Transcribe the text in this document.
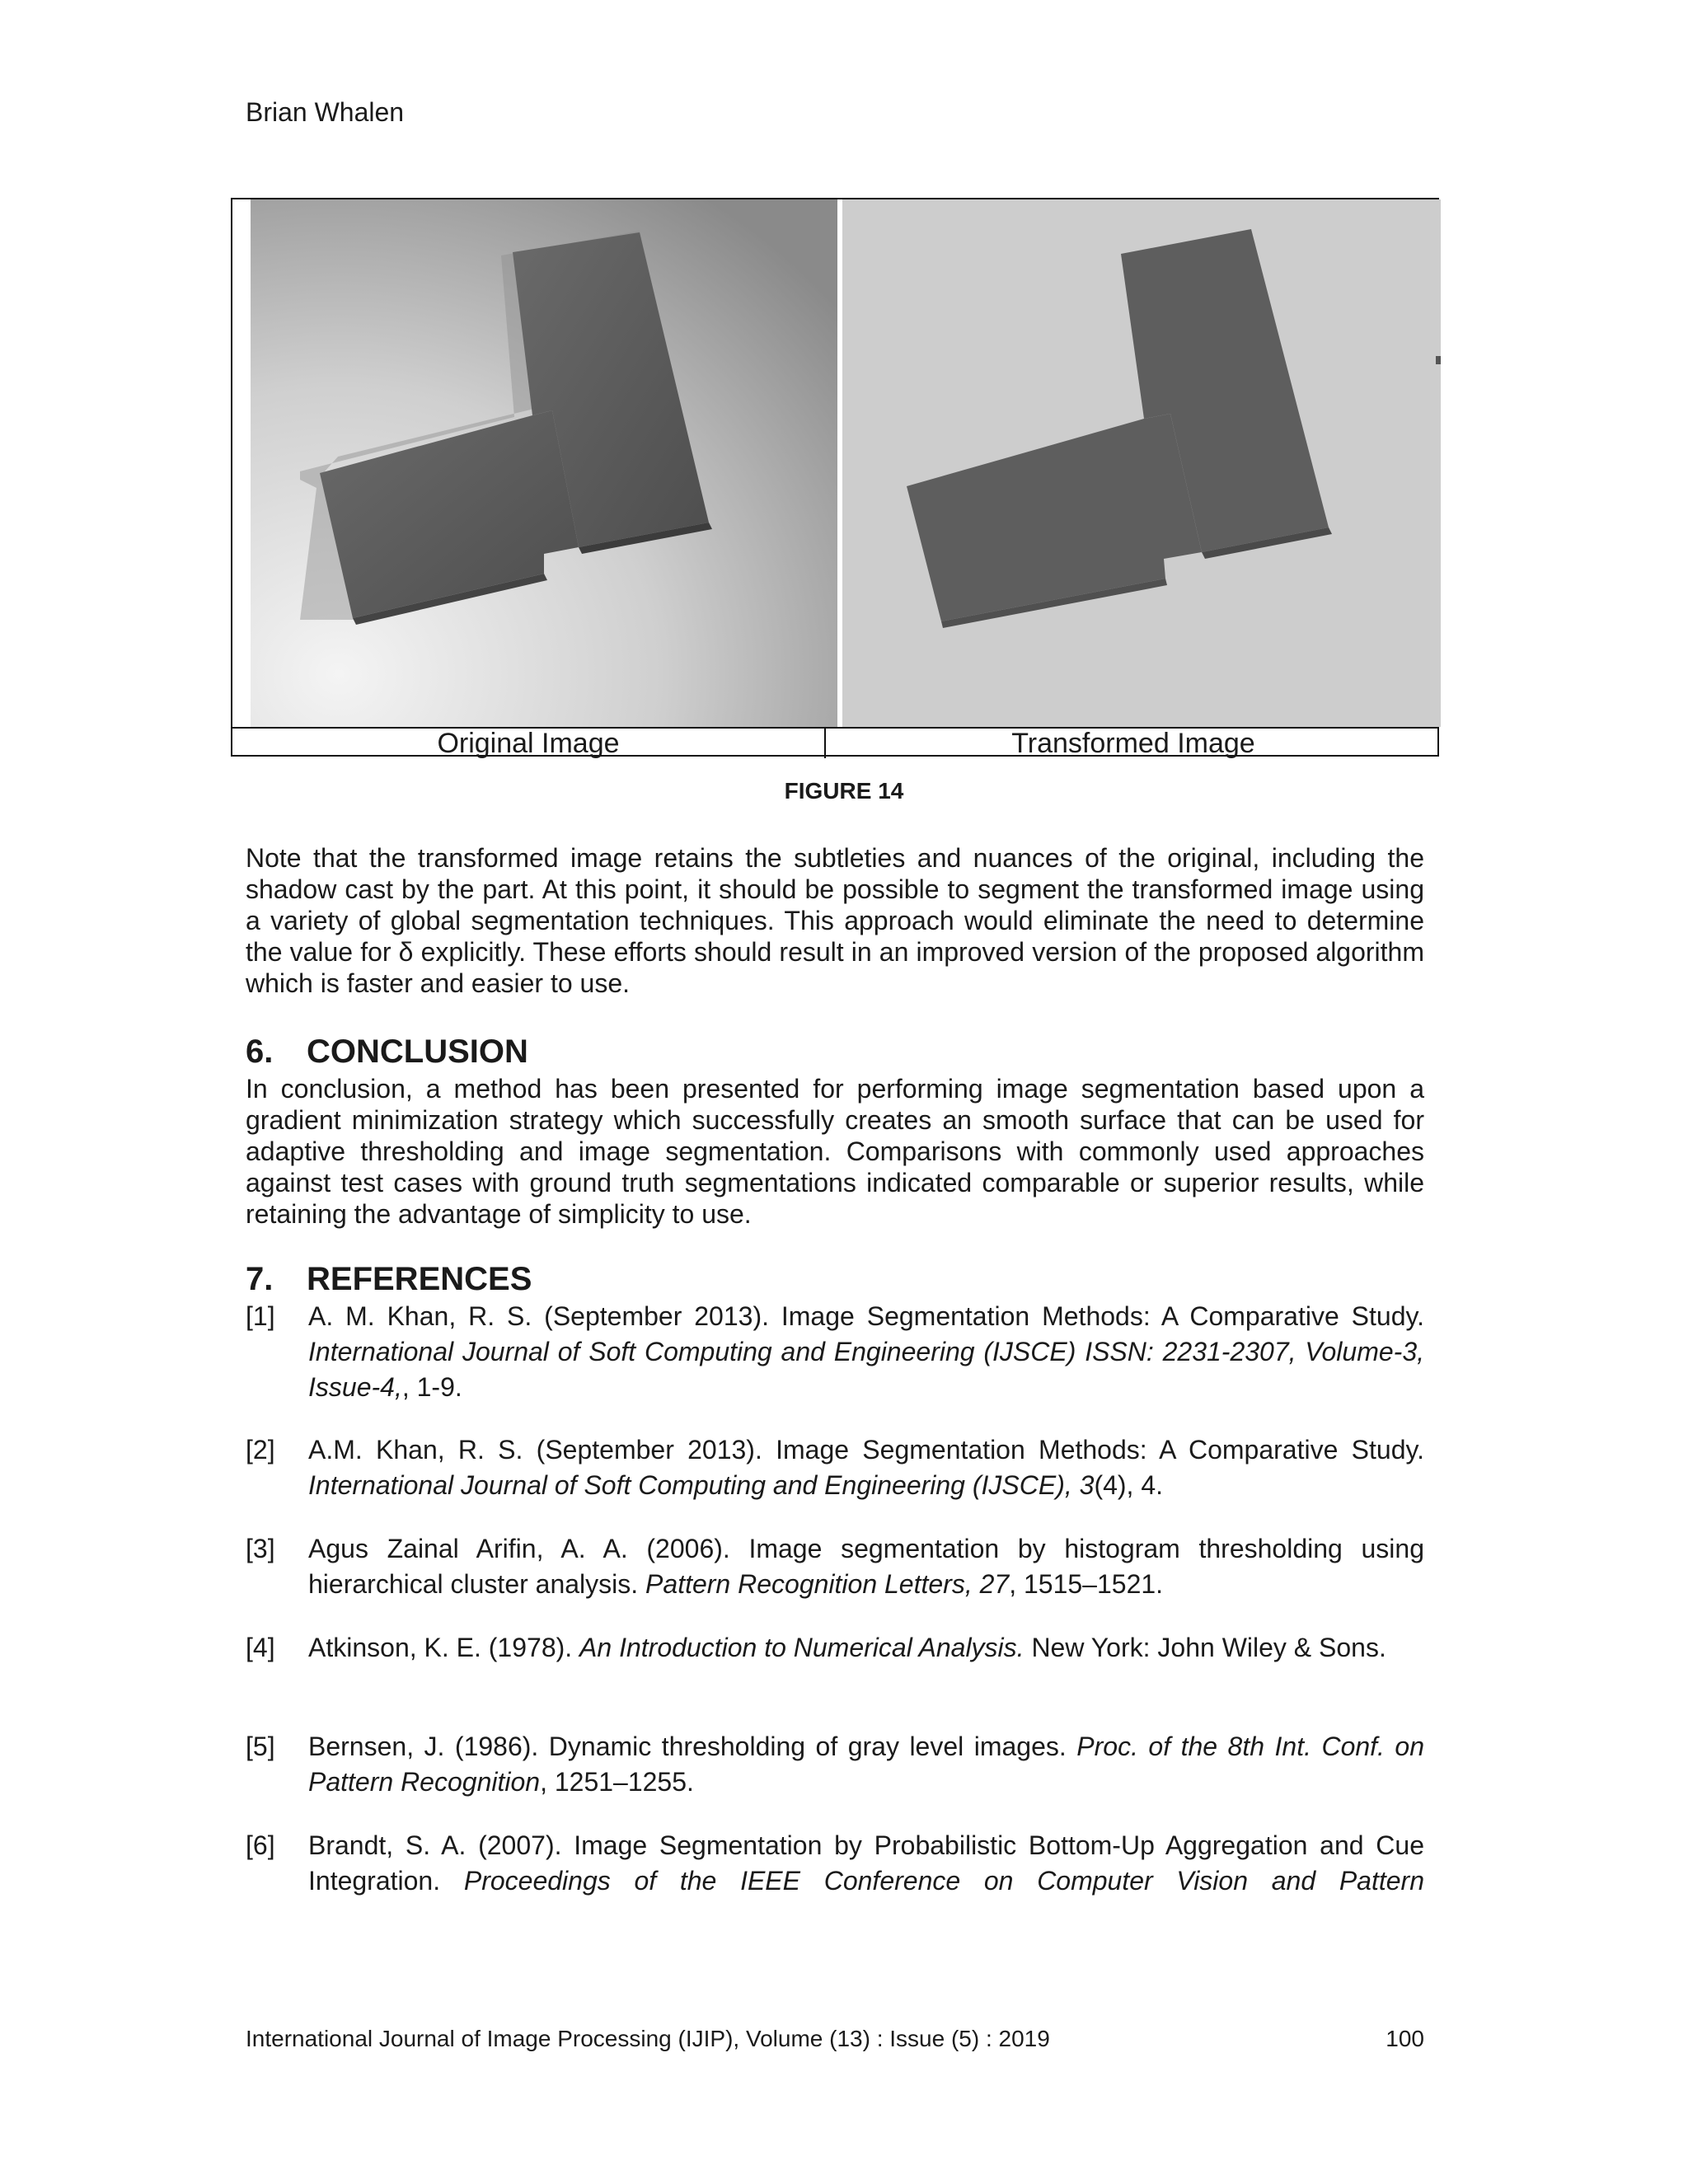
Brian Whalen
Original Image	Transformed Image
FIGURE 14
Note that the transformed image retains the subtleties and nuances of the original, including the shadow cast by the part. At this point, it should be possible to segment the transformed image using a variety of global segmentation techniques. This approach would eliminate the need to determine the value for δ explicitly. These efforts should result in an improved version of the proposed algorithm which is faster and easier to use.
6. CONCLUSION
In conclusion, a method has been presented for performing image segmentation based upon a gradient minimization strategy which successfully creates an smooth surface that can be used for adaptive thresholding and image segmentation. Comparisons with commonly used approaches against test cases with ground truth segmentations indicated comparable or superior results, while retaining the advantage of simplicity to use.
7. REFERENCES
[1] A. M. Khan, R. S. (September 2013). Image Segmentation Methods: A Comparative Study. International Journal of Soft Computing and Engineering (IJSCE) ISSN: 2231-2307, Volume-3, Issue-4,, 1-9.
[2] A.M. Khan, R. S. (September 2013). Image Segmentation Methods: A Comparative Study. International Journal of Soft Computing and Engineering (IJSCE), 3(4), 4.
[3] Agus Zainal Arifin, A. A. (2006). Image segmentation by histogram thresholding using hierarchical cluster analysis. Pattern Recognition Letters, 27, 1515–1521.
[4] Atkinson, K. E. (1978). An Introduction to Numerical Analysis. New York: John Wiley & Sons.
[5] Bernsen, J. (1986). Dynamic thresholding of gray level images. Proc. of the 8th Int. Conf. on Pattern Recognition, 1251–1255.
[6] Brandt, S. A. (2007). Image Segmentation by Probabilistic Bottom-Up Aggregation and Cue Integration. Proceedings of the IEEE Conference on Computer Vision and Pattern
International Journal of Image Processing (IJIP), Volume (13) : Issue (5) : 2019	100
